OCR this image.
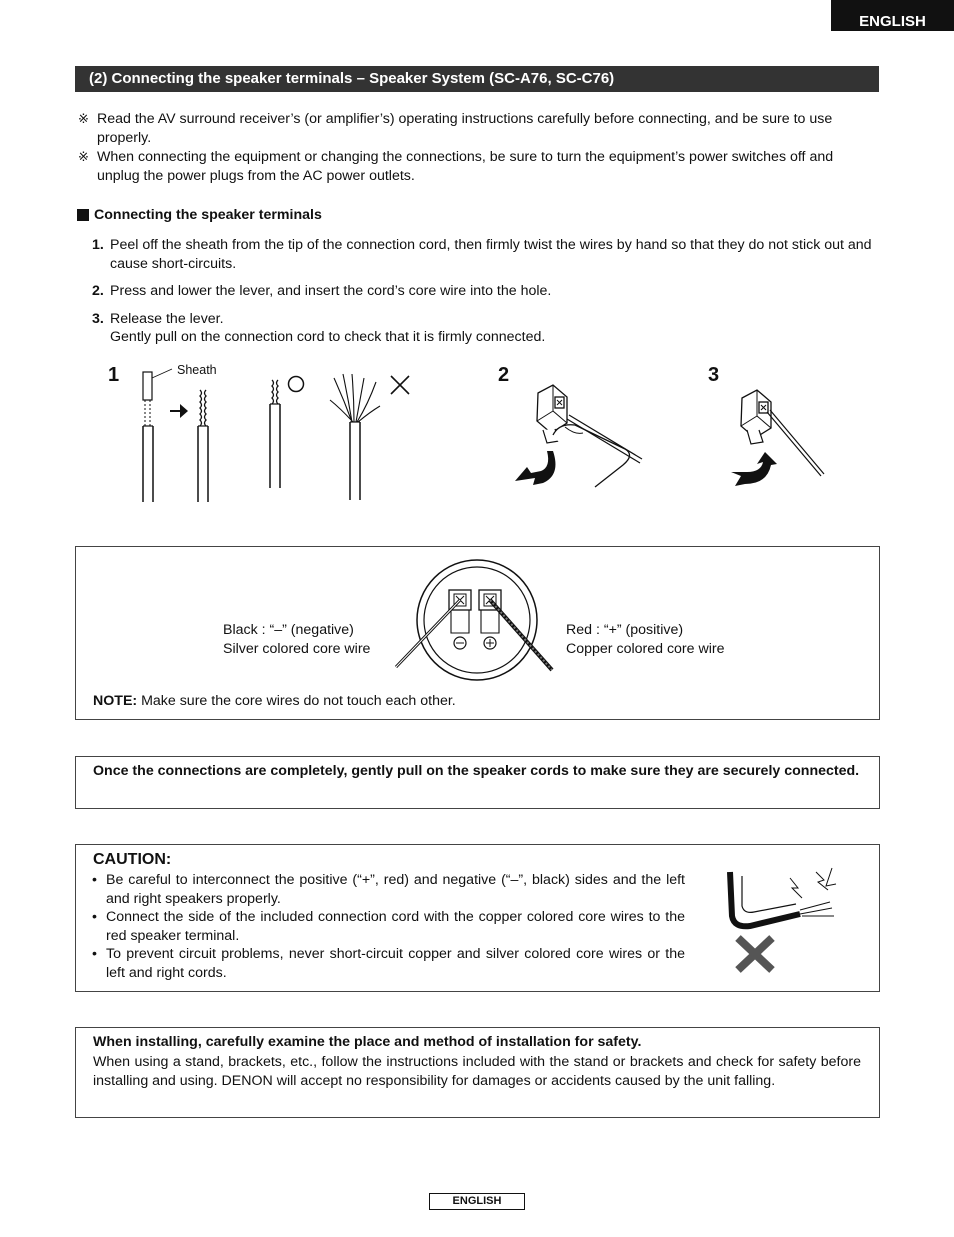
ENGLISH
(2) Connecting the speaker terminals – Speaker System (SC-A76, SC-C76)
※ Read the AV surround receiver’s (or amplifier’s) operating instructions carefully before connecting, and be sure to use properly.
※ When connecting the equipment or changing the connections, be sure to turn the equipment’s power switches off and unplug the power plugs from the AC power outlets.
Connecting the speaker terminals
1. Peel off the sheath from the tip of the connection cord, then firmly twist the wires by hand so that they do not stick out and cause short-circuits.
2. Press and lower the lever, and insert the cord’s core wire into the hole.
3. Release the lever.
Gently pull on the connection cord to check that it is firmly connected.
1	Sheath	2	3
Black : “–” (negative)
Silver colored core wire
Red : “+” (positive)
Copper colored core wire
NOTE: Make sure the core wires do not touch each other.
Once the connections are completely, gently pull on the speaker cords to make sure they are securely connected.
CAUTION:
• Be careful to interconnect the positive (“+”, red) and negative (“–”, black) sides and the left and right speakers properly.
• Connect the side of the included connection cord with the copper colored core wires to the red speaker terminal.
• To prevent circuit problems, never short-circuit copper and silver colored core wires or the left and right cords.
When installing, carefully examine the place and method of installation for safety.
When using a stand, brackets, etc., follow the instructions included with the stand or brackets and check for safety before installing and using. DENON will accept no responsibility for damages or accidents caused by the unit falling.
ENGLISH
